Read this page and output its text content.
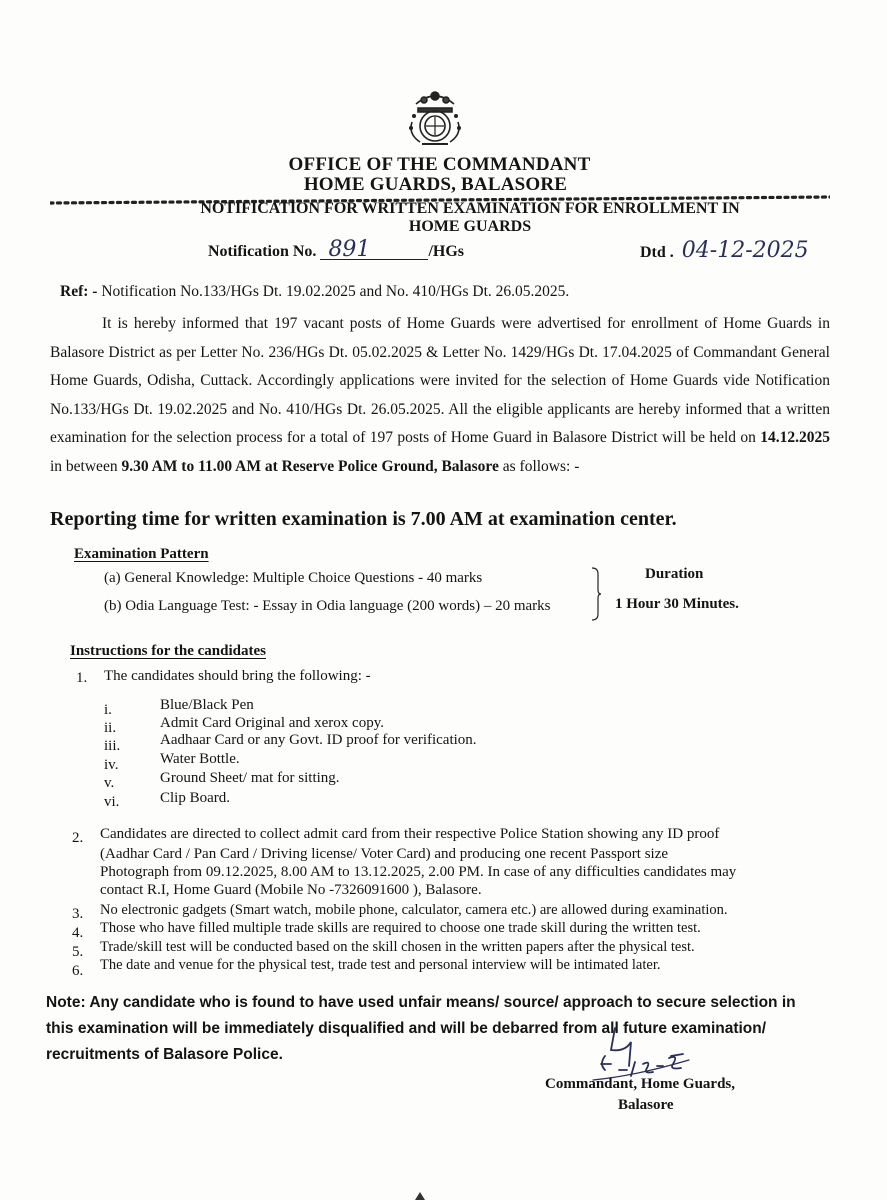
OFFICE OF THE COMMANDANT
HOME GUARDS, BALASORE
NOTIFICATION FOR WRITTEN EXAMINATION FOR ENROLLMENT IN
HOME GUARDS
Notification No. 891	/HGs	Dtd . 04-12-2025
Ref: - Notification No.133/HGs Dt. 19.02.2025 and No. 410/HGs Dt. 26.05.2025.
It is hereby informed that 197 vacant posts of Home Guards were advertised for enrollment of Home Guards in Balasore District as per Letter No. 236/HGs Dt. 05.02.2025 & Letter No. 1429/HGs Dt. 17.04.2025 of Commandant General Home Guards, Odisha, Cuttack. Accordingly applications were invited for the selection of Home Guards vide Notification No.133/HGs Dt. 19.02.2025 and No. 410/HGs Dt. 26.05.2025. All the eligible applicants are hereby informed that a written examination for the selection process for a total of 197 posts of Home Guard in Balasore District will be held on 14.12.2025 in between 9.30 AM to 11.00 AM at Reserve Police Ground, Balasore as follows: -
Reporting time for written examination is 7.00 AM at examination center.
Examination Pattern
(a) General Knowledge: Multiple Choice Questions - 40 marks
(b) Odia Language Test: - Essay in Odia language (200 words) – 20 marks
Duration
1 Hour 30 Minutes.
Instructions for the candidates
1. The candidates should bring the following: -
i.	Blue/Black Pen
ii.	Admit Card Original and xerox copy.
iii.	Aadhaar Card or any Govt. ID proof for verification.
iv.	Water Bottle.
v.	Ground Sheet/ mat for sitting.
vi.	Clip Board.
2. Candidates are directed to collect admit card from their respective Police Station showing any ID proof
(Aadhar Card / Pan Card / Driving license/ Voter Card) and producing one recent Passport size
Photograph from 09.12.2025, 8.00 AM to 13.12.2025, 2.00 PM. In case of any difficulties candidates may
contact R.I, Home Guard (Mobile No -7326091600 ), Balasore.
3. No electronic gadgets (Smart watch, mobile phone, calculator, camera etc.) are allowed during examination.
4. Those who have filled multiple trade skills are required to choose one trade skill during the written test.
5. Trade/skill test will be conducted based on the skill chosen in the written papers after the physical test.
6. The date and venue for the physical test, trade test and personal interview will be intimated later.
Note: Any candidate who is found to have used unfair means/ source/ approach to secure selection in this examination will be immediately disqualified and will be debarred from all future examination/ recruitments of Balasore Police.
Commandant, Home Guards,
Balasore
